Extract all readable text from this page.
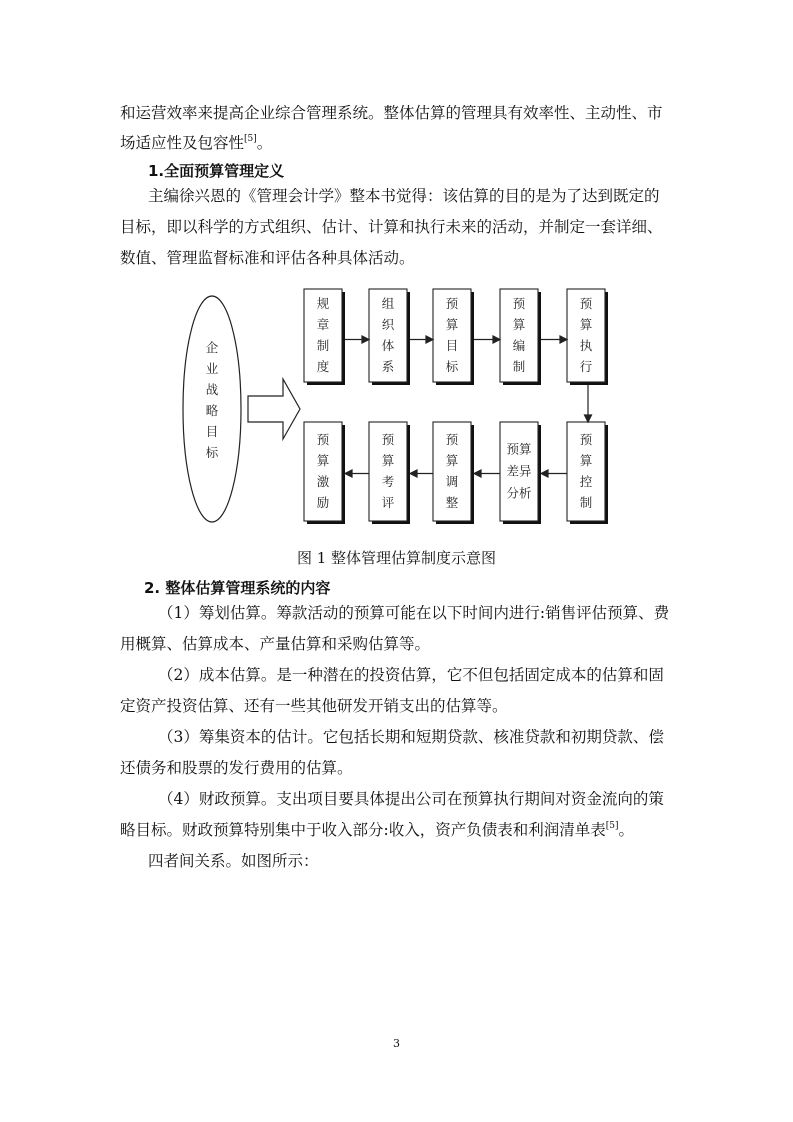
和运营效率来提高企业综合管理系统。整体估算的管理具有效率性、主动性、市
场适应性及包容性[5]。
1.全面预算管理定义
主编徐兴恩的《管理会计学》整本书觉得：该估算的目的是为了达到既定的
目标，即以科学的方式组织、估计、计算和执行未来的活动，并制定一套详细、
数值、管理监督标准和评估各种具体活动。
企
业
战
略
目
标
规
章
制
度
组
织
体
系
预
算
目
标
预
算
编
制
预
算
执
行
预
算
激
励
预
算
考
评
预
算
调
整
预算
差异
分析
预
算
控
制
图 1 整体管理估算制度示意图
2. 整体估算管理系统的内容
（1）筹划估算。筹款活动的预算可能在以下时间内进行:销售评估预算、费
用概算、估算成本、产量估算和采购估算等。
（2）成本估算。是一种潜在的投资估算，它不但包括固定成本的估算和固
定资产投资估算、还有一些其他研发开销支出的估算等。
（3）筹集资本的估计。它包括长期和短期贷款、核准贷款和初期贷款、偿
还债务和股票的发行费用的估算。
（4）财政预算。支出项目要具体提出公司在预算执行期间对资金流向的策
略目标。财政预算特别集中于收入部分:收入，资产负债表和利润清单表[5]。
四者间关系。如图所示：
3
